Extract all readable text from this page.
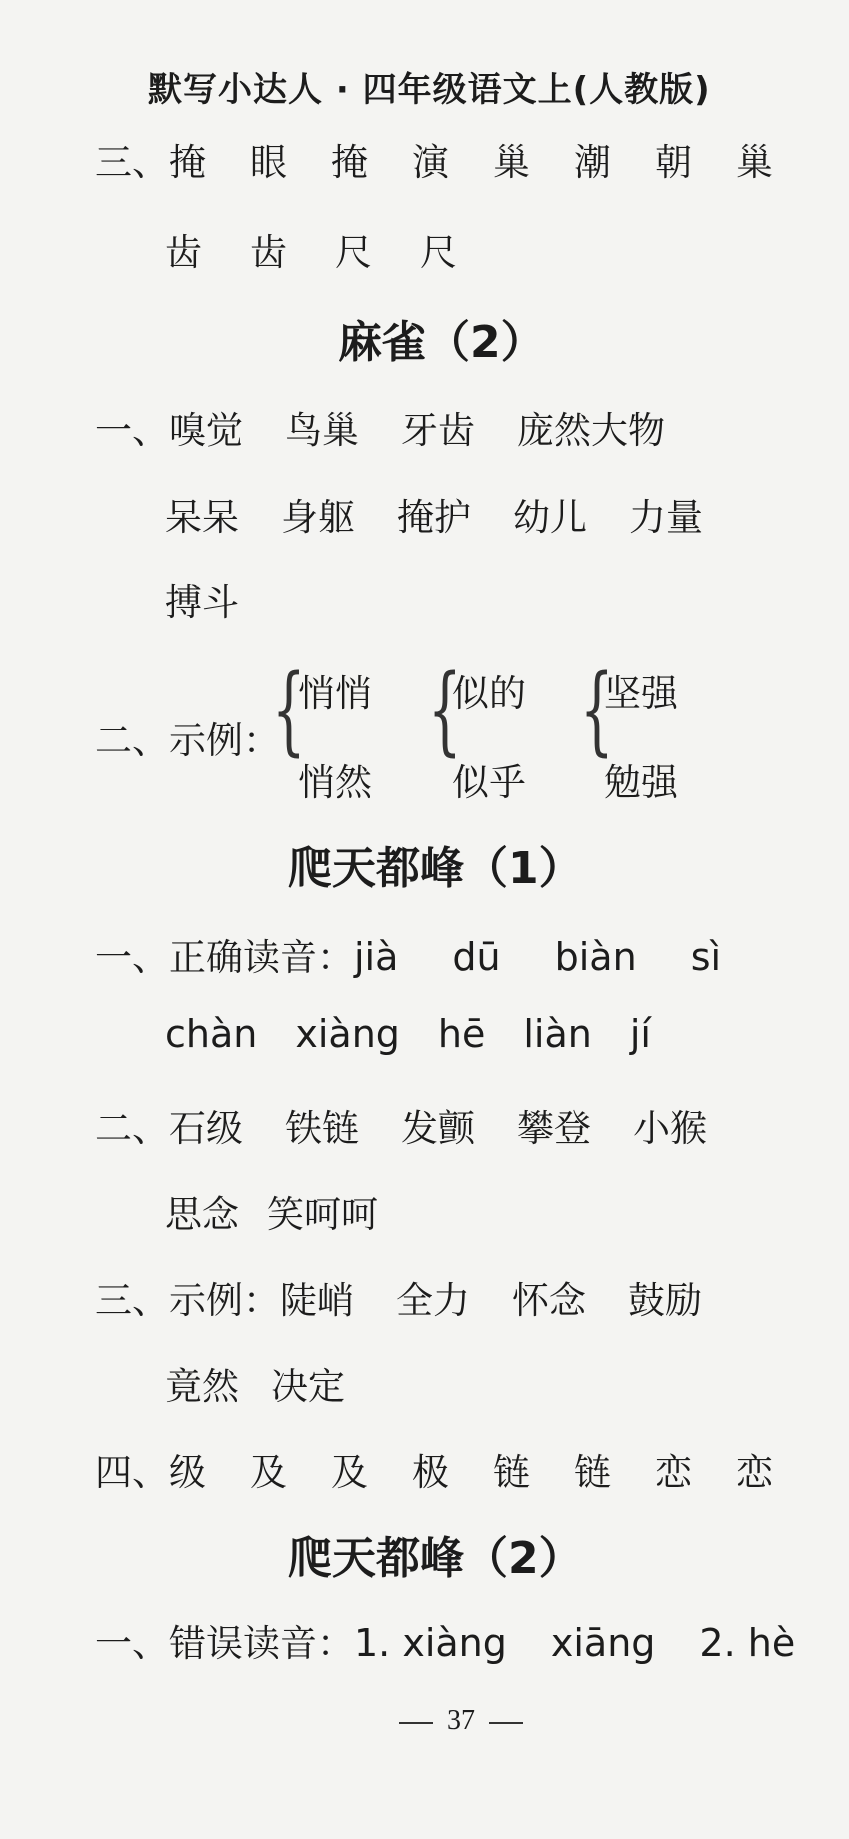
默写小达人 · 四年级语文上(人教版)
三、掩 眼 掩 演 巢 潮 朝 巢
齿 齿 尺 尺
麻雀（2）
一、嗅觉 鸟巢 牙齿 庞然大物
呆呆 身躯 掩护 幼儿 力量
搏斗
二、示例：
{
悄悄
悄然
{
似的
似乎
{
坚强
勉强
爬天都峰（1）
一、正确读音：jià dū biàn sì
chàn xiàng hē liàn jí
二、石级 铁链 发颤 攀登 小猴
思念 笑呵呵
三、示例：陡峭 全力 怀念 鼓励
竟然 决定
四、级 及 及 极 链 链 恋 恋
爬天都峰（2）
一、错误读音：1. xiàng xiāng 2. hè
37
